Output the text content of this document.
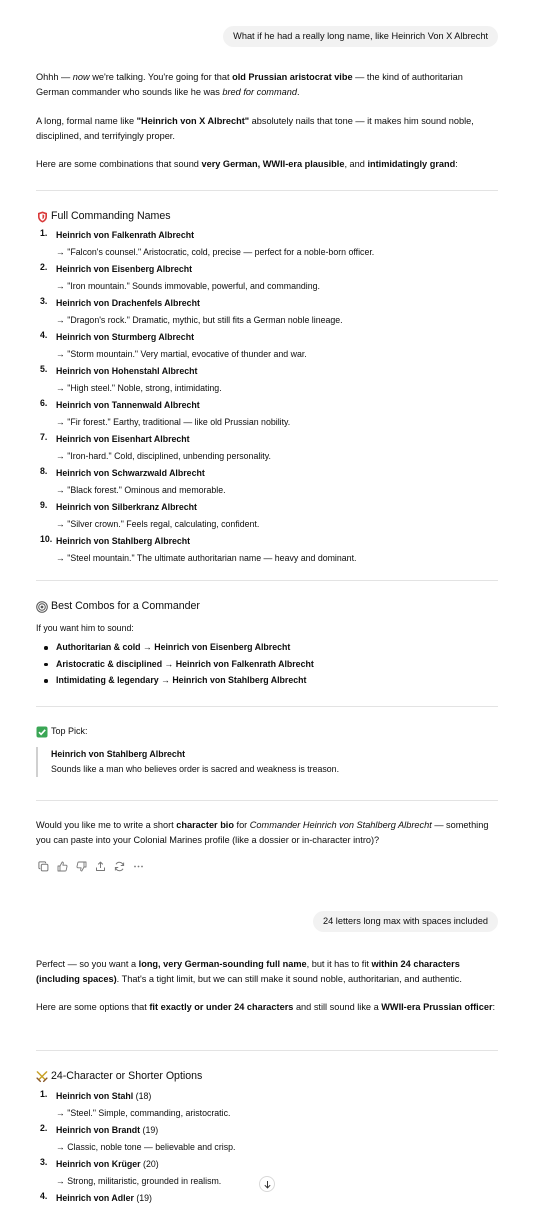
What if he had a really long name, like Heinrich Von X Albrecht

Ohhh — now we're talking. You're going for that old Prussian aristocrat vibe — the kind of authoritarian German commander who sounds like he was bred for command.

A long, formal name like "Heinrich von X Albrecht" absolutely nails that tone — it makes him sound noble, disciplined, and terrifyingly proper.

Here are some combinations that sound very German, WWII-era plausible, and intimidatingly grand:

Full Commanding Names
1. Heinrich von Falkenrath Albrecht
→ "Falcon's counsel." Aristocratic, cold, precise — perfect for a noble-born officer.
2. Heinrich von Eisenberg Albrecht
→ "Iron mountain." Sounds immovable, powerful, and commanding.
3. Heinrich von Drachenfels Albrecht
→ "Dragon's rock." Dramatic, mythic, but still fits a German noble lineage.
4. Heinrich von Sturmberg Albrecht
→ "Storm mountain." Very martial, evocative of thunder and war.
5. Heinrich von Hohenstahl Albrecht
→ "High steel." Noble, strong, intimidating.
6. Heinrich von Tannenwald Albrecht
→ "Fir forest." Earthy, traditional — like old Prussian nobility.
7. Heinrich von Eisenhart Albrecht
→ "Iron-hard." Cold, disciplined, unbending personality.
8. Heinrich von Schwarzwald Albrecht
→ "Black forest." Ominous and memorable.
9. Heinrich von Silberkranz Albrecht
→ "Silver crown." Feels regal, calculating, confident.
10. Heinrich von Stahlberg Albrecht
→ "Steel mountain." The ultimate authoritarian name — heavy and dominant.
Best Combos for a Commander

If you want him to sound:

Authoritarian & cold → Heinrich von Eisenberg Albrecht
Aristocratic & disciplined → Heinrich von Falkenrath Albrecht
Intimidating & legendary → Heinrich von Stahlberg Albrecht
Top Pick:
Heinrich von Stahlberg Albrecht
Sounds like a man who believes order is sacred and weakness is treason.

Would you like me to write a short character bio for Commander Heinrich von Stahlberg Albrecht — something you can paste into your Colonial Marines profile (like a dossier or in-character intro)?

24 letters long max with spaces included

Perfect — so you want a long, very German-sounding full name, but it has to fit within 24 characters (including spaces). That's a tight limit, but we can still make it sound noble, authoritarian, and authentic.

Here are some options that fit exactly or under 24 characters and still sound like a WWII-era Prussian officer:

24-Character or Shorter Options
1. Heinrich von Stahl (18)
→ "Steel." Simple, commanding, aristocratic.
2. Heinrich von Brandt (19)
→ Classic, noble tone — believable and crisp.
3. Heinrich von Krüger (20)
→ Strong, militaristic, grounded in realism.
4. Heinrich von Adler (19)
